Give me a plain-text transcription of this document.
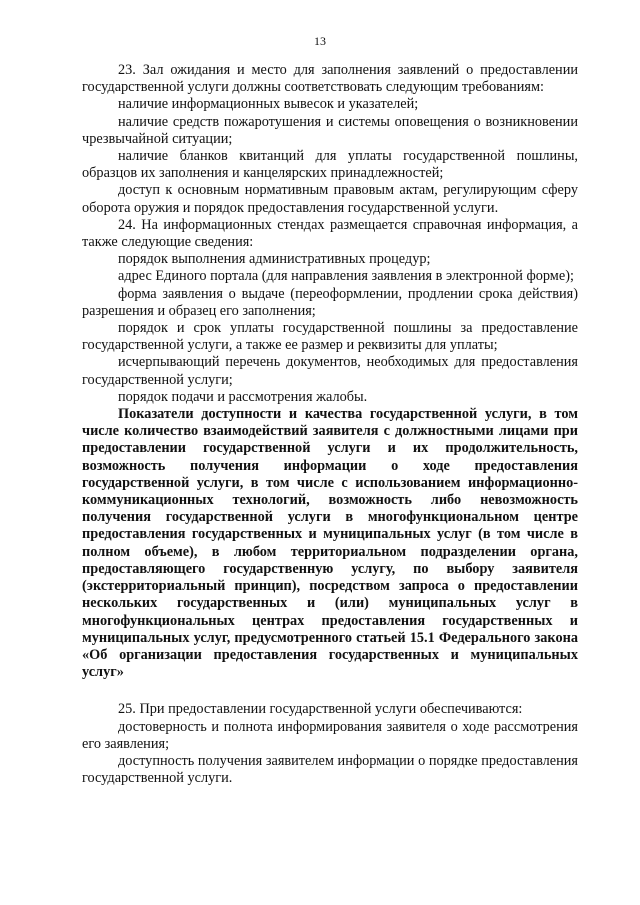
13

23. Зал ожидания и место для заполнения заявлений о предоставлении государственной услуги должны соответствовать следующим требованиям:

наличие информационных вывесок и указателей;

наличие средств пожаротушения и системы оповещения о возникновении чрезвычайной ситуации;

наличие бланков квитанций для уплаты государственной пошлины, образцов их заполнения и канцелярских принадлежностей;

доступ к основным нормативным правовым актам, регулирующим сферу оборота оружия и порядок предоставления государственной услуги.

24. На информационных стендах размещается справочная информация, а также следующие сведения:

порядок выполнения административных процедур;

адрес Единого портала (для направления заявления в электронной форме);

форма заявления о выдаче (переоформлении, продлении срока действия) разрешения и образец его заполнения;

порядок и срок уплаты государственной пошлины за предоставление государственной услуги, а также ее размер и реквизиты для уплаты;

исчерпывающий перечень документов, необходимых для предоставления государственной услуги;

порядок подачи и рассмотрения жалобы.

Показатели доступности и качества государственной услуги, в том числе количество взаимодействий заявителя с должностными лицами при предоставлении государственной услуги и их продолжительность, возможность получения информации о ходе предоставления государственной услуги, в том числе с использованием информационно-коммуникационных технологий, возможность либо невозможность получения государственной услуги в многофункциональном центре предоставления государственных и муниципальных услуг (в том числе в полном объеме), в любом территориальном подразделении органа, предоставляющего государственную услугу, по выбору заявителя (экстерриториальный принцип), посредством запроса о предоставлении нескольких государственных и (или) муниципальных услуг в многофункциональных центрах предоставления государственных и муниципальных услуг, предусмотренного статьей 15.1 Федерального закона «Об организации предоставления государственных и муниципальных услуг»

25. При предоставлении государственной услуги обеспечиваются:

достоверность и полнота информирования заявителя о ходе рассмотрения его заявления;

доступность получения заявителем информации о порядке предоставления государственной услуги.
